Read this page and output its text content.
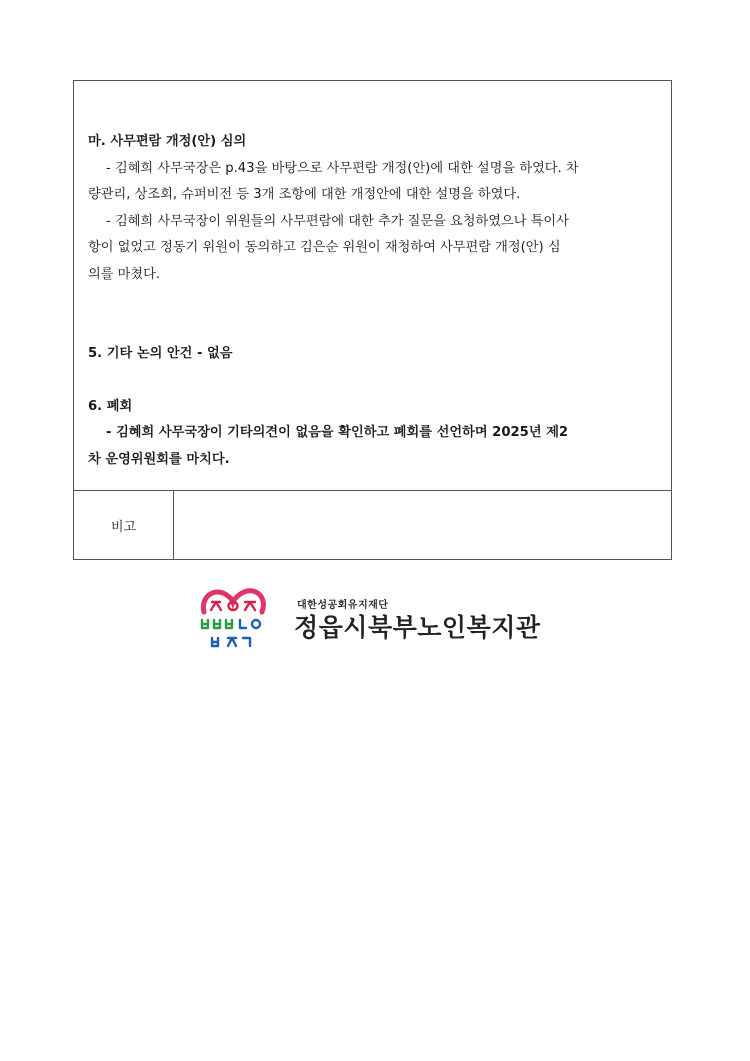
마. 사무편람 개정(안) 심의

- 김혜희 사무국장은 p.43을 바탕으로 사무편람 개정(안)에 대한 설명을 하였다. 차

량관리, 상조회, 슈퍼비전 등 3개 조항에 대한 개정안에 대한 설명을 하였다.

- 김혜희 사무국장이 위원들의 사무편람에 대한 추가 질문을 요청하였으나 특이사

항이 없었고 정동기 위원이 동의하고 김은순 위원이 재청하여 사무편람 개정(안) 심

의를 마쳤다.

5. 기타 논의 안건 - 없음

6. 폐회

- 김혜희 사무국장이 기타의견이 없음을 확인하고 폐회를 선언하며 2025년 제2

차 운영위원회를 마치다.

비고
대한성공회유지재단
정읍시북부노인복지관
